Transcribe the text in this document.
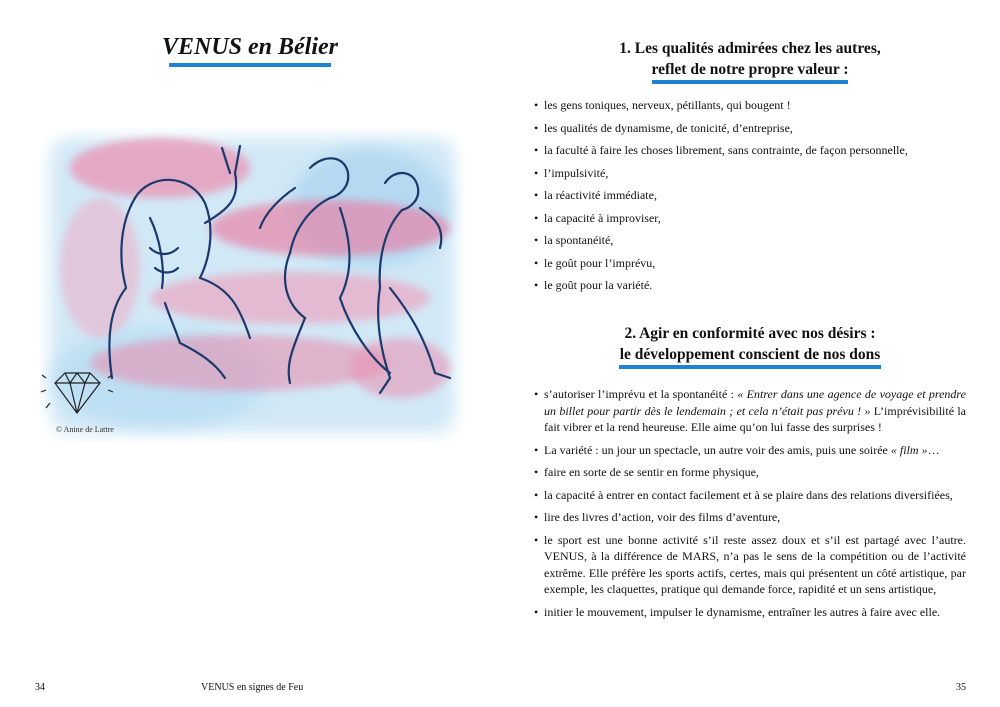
VENUS en Bélier
© Anine de Lattre
34	VENUS en signes de Feu
1. Les qualités admirées chez les autres,
reflet de notre propre valeur :
• les gens toniques, nerveux, pétillants, qui bougent !
• les qualités de dynamisme, de tonicité, d’entreprise,
• la faculté à faire les choses librement, sans contrainte, de façon personnelle,
• l’impulsivité,
• la réactivité immédiate,
• la capacité à improviser,
• la spontanéité,
• le goût pour l’imprévu,
• le goût pour la variété.
2. Agir en conformité avec nos désirs :
le développement conscient de nos dons
• s’autoriser l’imprévu et la spontanéité : « Entrer dans une agence de voyage et prendre un billet pour partir dès le lendemain ; et cela n’était pas prévu ! » L’imprévisibilité la fait vibrer et la rend heureuse. Elle aime qu’on lui fasse des surprises !
• La variété : un jour un spectacle, un autre voir des amis, puis une soirée « film »…
• faire en sorte de se sentir en forme physique,
• la capacité à entrer en contact facilement et à se plaire dans des relations diversifiées,
• lire des livres d’action, voir des films d’aventure,
• le sport est une bonne activité s’il reste assez doux et s’il est partagé avec l’autre. VENUS, à la différence de MARS, n’a pas le sens de la compétition ou de l’activité extrême. Elle préfère les sports actifs, certes, mais qui présentent un côté artistique, par exemple, les claquettes, pratique qui demande force, rapidité et un sens artistique,
• initier le mouvement, impulser le dynamisme, entraîner les autres à faire avec elle.
35
